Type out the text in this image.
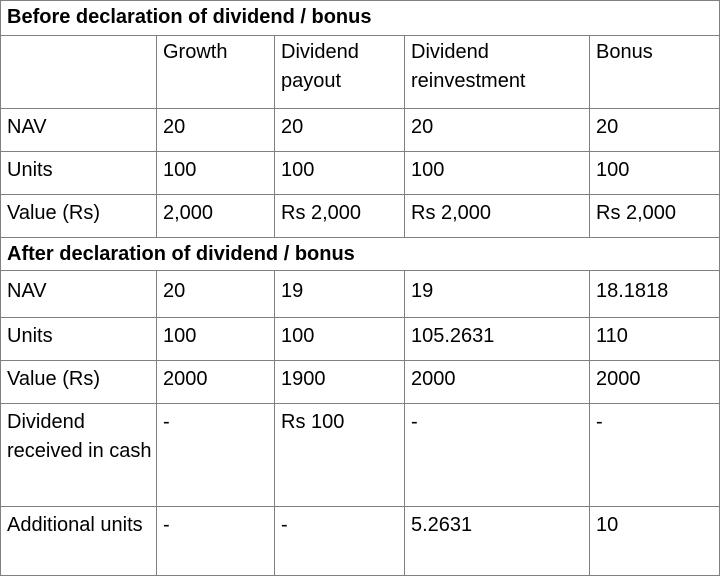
Before declaration of dividend / bonus				
	Growth	Dividend payout	Dividend reinvestment	Bonus
NAV	20	20	20	20
Units	100	100	100	100
Value (Rs)	2,000	Rs 2,000	Rs 2,000	Rs 2,000
After declaration of dividend / bonus				
NAV	20	19	19	18.1818
Units	100	100	105.2631	110
Value (Rs)	2000	1900	2000	2000
Dividend received in cash	-	Rs 100	-	-
Additional units	-	-	5.2631	10
